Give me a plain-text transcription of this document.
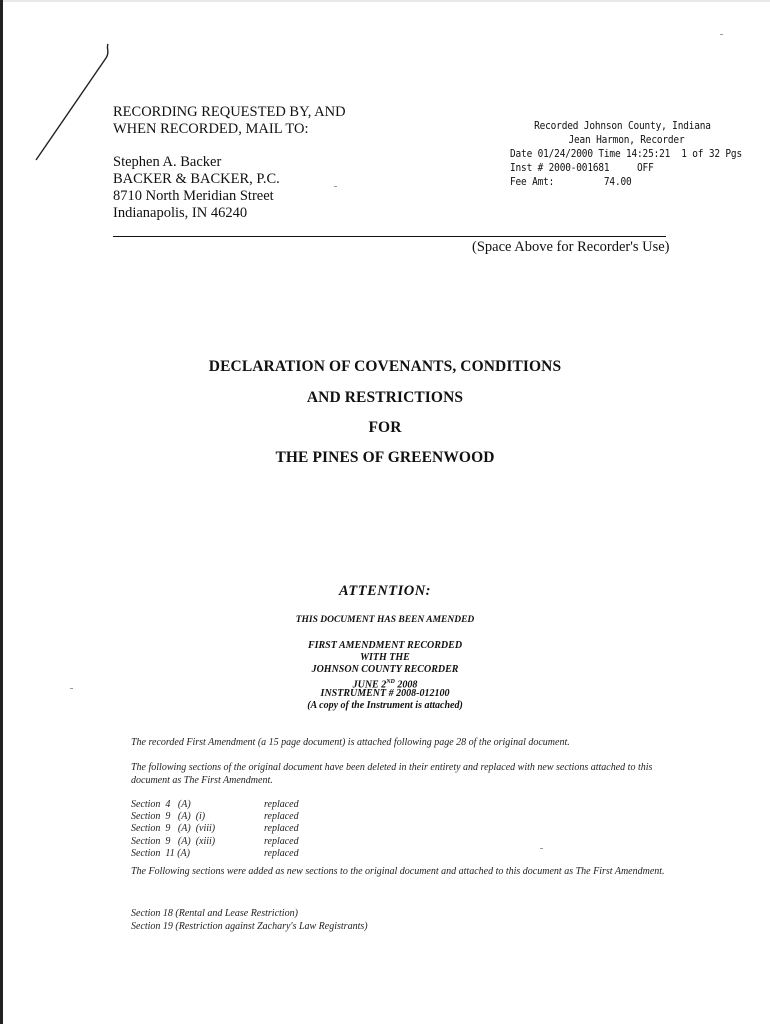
RECORDING REQUESTED BY, AND
WHEN RECORDED, MAIL TO:
Stephen A. Backer
BACKER & BACKER, P.C.
8710 North Meridian Street
Indianapolis, IN 46240
Recorded Johnson County, Indiana
Jean Harmon, Recorder
Date 01/24/2000 Time 14:25:21  1 of 32 Pgs
Inst # 2000-001681     OFF
Fee Amt:         74.00
(Space Above for Recorder's Use)
DECLARATION OF COVENANTS, CONDITIONS
AND RESTRICTIONS
FOR
THE PINES OF GREENWOOD
ATTENTION:
THIS DOCUMENT HAS BEEN AMENDED
FIRST AMENDMENT RECORDED
WITH THE
JOHNSON COUNTY RECORDER
JUNE 2ND 2008
INSTRUMENT # 2008-012100
(A copy of the Instrument is attached)
The recorded First Amendment (a 15 page document) is attached following page 28 of the original document.
The following sections of the original document have been deleted in their entirety and replaced with new sections attached to this document as The First Amendment.
Section  4   (A)	replaced
Section  9   (A)  (i)	replaced
Section  9   (A)  (viii)	replaced
Section  9   (A)  (xiii)	replaced
Section  11 (A)	replaced
The Following sections were added as new sections to the original document and attached to this document as The First Amendment.
Section 18 (Rental and Lease Restriction)
Section 19 (Restriction against Zachary's Law Registrants)
